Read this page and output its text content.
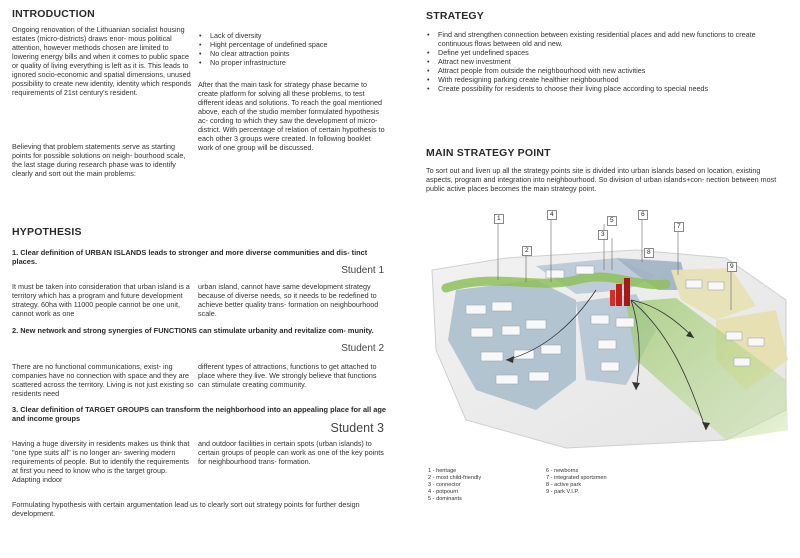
INTRODUCTION
Ongoing renovation of the Lithuanian socialist housing estates (micro-districts) draws enor- mous political attention, however methods chosen are limited to lowering energy bills and when it comes to public space or quality of living everything is left as it is. This leads to ignored socio-economic and spatial dimensions, unused possibility to create new identity, identity which responds requirements of 21st century's resident.
Believing that problem statements serve as starting points for possible solutions on neigh- bourhood scale, the last stage during research phase was to identify clearly and sort out the main problems:
• Lack of diversity
• Hight percentage of undefined space
• No clear attraction points
• No proper infrastructure
After that the main task for strategy phase became to create platform for solving all these problems, to test different ideas and solutions. To reach the goal mentioned above, each of the studio member formulated hypothesis ac- cording to which they saw the development of micro-district. With percentage of relation of certain hypothesis to each other 3 groups were created. In following booklet work of one group will be discussed.
HYPOTHESIS
1. Clear definition of URBAN ISLANDS leads to stronger and more diverse communities and dis- tinct places.
Student 1
It must be taken into consideration that urban island is a territory which has a program and future development strategy. 60ha with 11000 people cannot be one unit, cannot work as one
urban island, cannot have same development strategy because of diverse needs, so it needs to be redefined to achieve better quality trans- formation on neighbourhood scale.
2. New network and strong synergies of FUNCTIONS can stimulate urbanity and revitalize com- munity.
Student 2
There are no functional communications, exist- ing companies have no connection with space and they are scattered across the territory. Living is not just existing so residents need
different types of attractions, functions to get attached to place where they live. We strongly believe that functions can stimulate creating community.
3. Clear definition of TARGET GROUPS can transform the neighborhood into an appealing place for all age and income groups
Student 3
Having a huge diversity in residents makes us think that "one type suits all" is no longer an- swering modern requirements of people. But to identify the requirements at first you need to know who is the target group. Adapting indoor
and outdoor facilities in certain spots (urban islands) to certain groups of people can work as one of the key points for neighbourhood trans- formation.
Formulating hypothesis with certain argumentation lead us to clearly sort out strategy points for further design development.
STRATEGY
• Find and strengthen connection between existing residential places and add new functions to create continuous flows between old and new.
• Define yet undefined spaces
• Attract new investment
• Attract people from outside the neighbourhood with new activities
• With redesigning parking create healthier neighbourhood
• Create possibility for residents to choose their living place according to special needs
MAIN STRATEGY POINT
To sort out and liven up all the strategy points site is divided into urban islands based on location, existing aspects, program and integration into neighbourhood. So division of urban islands+con- nection between most public active places becomes the main strategy point.
1
2
3
4
5
6
7
8
9
1 - heritage
2 - most child-friendly
3 - connector
4 - potpourri
5 - dominants
6 - newborns
7 - integrated sportsmen
8 - active park
9 - park V.I.P.
